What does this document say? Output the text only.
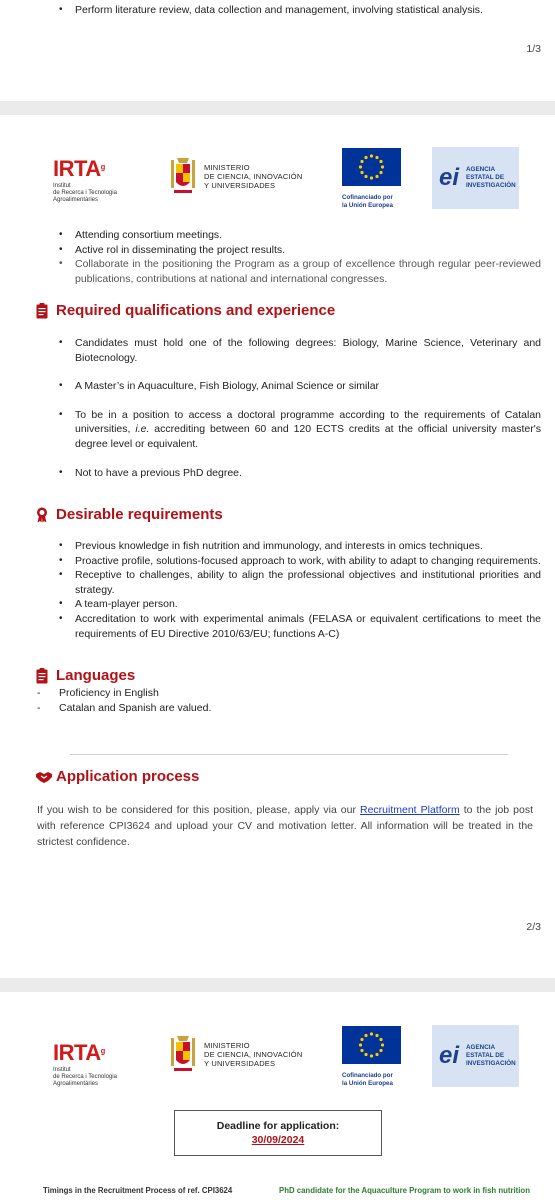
• Perform literature review, data collection and management, involving statistical analysis.
1/3
$IRTA^ᵍ$
Institut
de Recerca i Tecnologia
Agroalimentàries
MINISTERIO
DE CIENCIA, INNOVACIÓN
Y UNIVERSIDADES
Cofinanciado por
la Unión Europea
ei	AGENCIA
ESTATAL DE
INVESTIGACIÓN
• Attending consortium meetings.
• Active rol in disseminating the project results.
• Collaborate in the positioning the Program as a group of excellence through regular peer-reviewed publications, contributions at national and international congresses.
Required qualifications and experience
• Candidates must hold one of the following degrees: Biology, Marine Science, Veterinary and Biotecnology.
• A Master’s in Aquaculture, Fish Biology, Animal Science or similar
• To be in a position to access a doctoral programme according to the requirements of Catalan universities, i.e. accrediting between 60 and 120 ECTS credits at the official university master's degree level or equivalent.
• Not to have a previous PhD degree.
Desirable requirements
• Previous knowledge in fish nutrition and immunology, and interests in omics techniques.
• Proactive profile, solutions-focused approach to work, with ability to adapt to changing requirements.
• Receptive to challenges, ability to align the professional objectives and institutional priorities and strategy.
• A team-player person.
• Accreditation to work with experimental animals (FELASA or equivalent certifications to meet the requirements of EU Directive 2010/63/EU; functions A-C)
Languages
- Proficiency in English
- Catalan and Spanish are valued.
Application process
If you wish to be considered for this position, please, apply via our Recruitment Platform to the job post with reference CPI3624 and upload your CV and motivation letter. All information will be treated in the strictest confidence.
2/3
$IRTA^ᵍ$
Institut
de Recerca i Tecnologia
Agroalimentàries
MINISTERIO
DE CIENCIA, INNOVACIÓN
Y UNIVERSIDADES
Cofinanciado por
la Unión Europea
ei	AGENCIA
ESTATAL DE
INVESTIGACIÓN
Deadline for application:
30/09/2024
Timings in the Recruitment Process of ref. CPI3624	PhD candidate for the Aquaculture Program to work in fish nutrition
